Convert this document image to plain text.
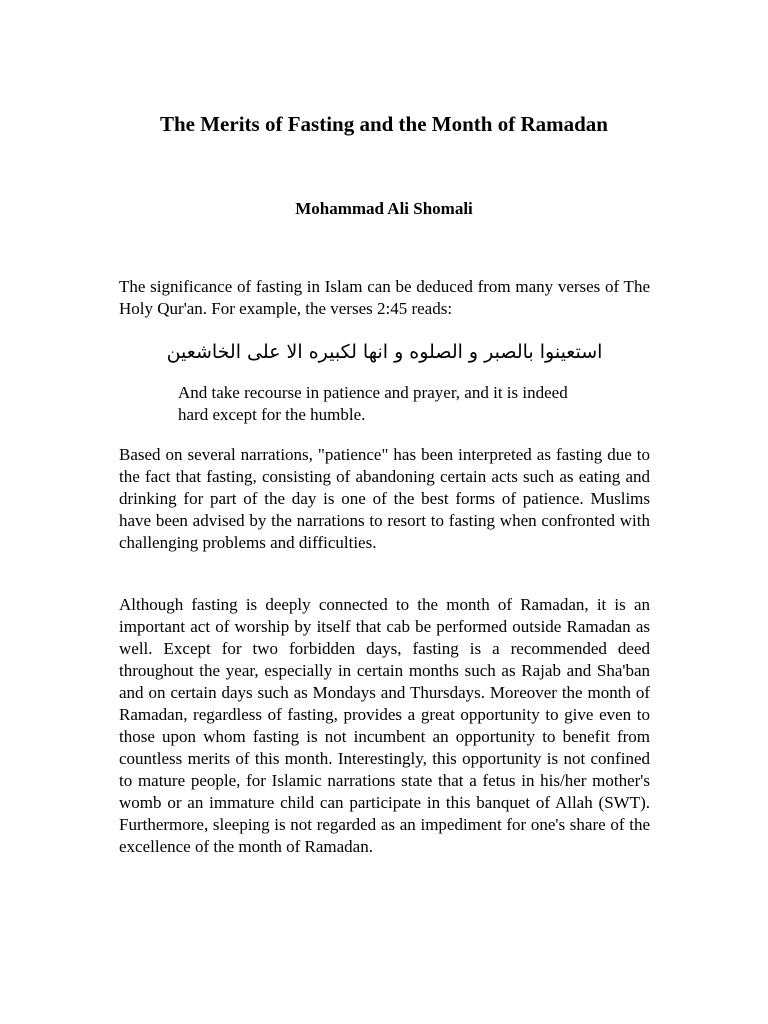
The Merits of Fasting and the Month of Ramadan
Mohammad Ali Shomali

The significance of fasting in Islam can be deduced from many verses of The Holy Qur'an. For example, the verses 2:45 reads:

استعينوا بالصبر و الصلوه و انها لكبيره الا على الخاشعين

And take recourse in patience and prayer, and it is indeed hard except for the humble.

Based on several narrations, "patience" has been interpreted as fasting due to the fact that fasting, consisting of abandoning certain acts such as eating and drinking for part of the day is one of the best forms of patience. Muslims have been advised by the narrations to resort to fasting when confronted with challenging problems and difficulties.

Although fasting is deeply connected to the month of Ramadan, it is an important act of worship by itself that cab be performed outside Ramadan as well. Except for two forbidden days, fasting is a recommended deed throughout the year, especially in certain months such as Rajab and Sha'ban and on certain days such as Mondays and Thursdays. Moreover the month of Ramadan, regardless of fasting, provides a great opportunity to give even to those upon whom fasting is not incumbent an opportunity to benefit from countless merits of this month. Interestingly, this opportunity is not confined to mature people, for Islamic narrations state that a fetus in his/her mother's womb or an immature child can participate in this banquet of Allah (SWT). Furthermore, sleeping is not regarded as an impediment for one's share of the excellence of the month of Ramadan.
